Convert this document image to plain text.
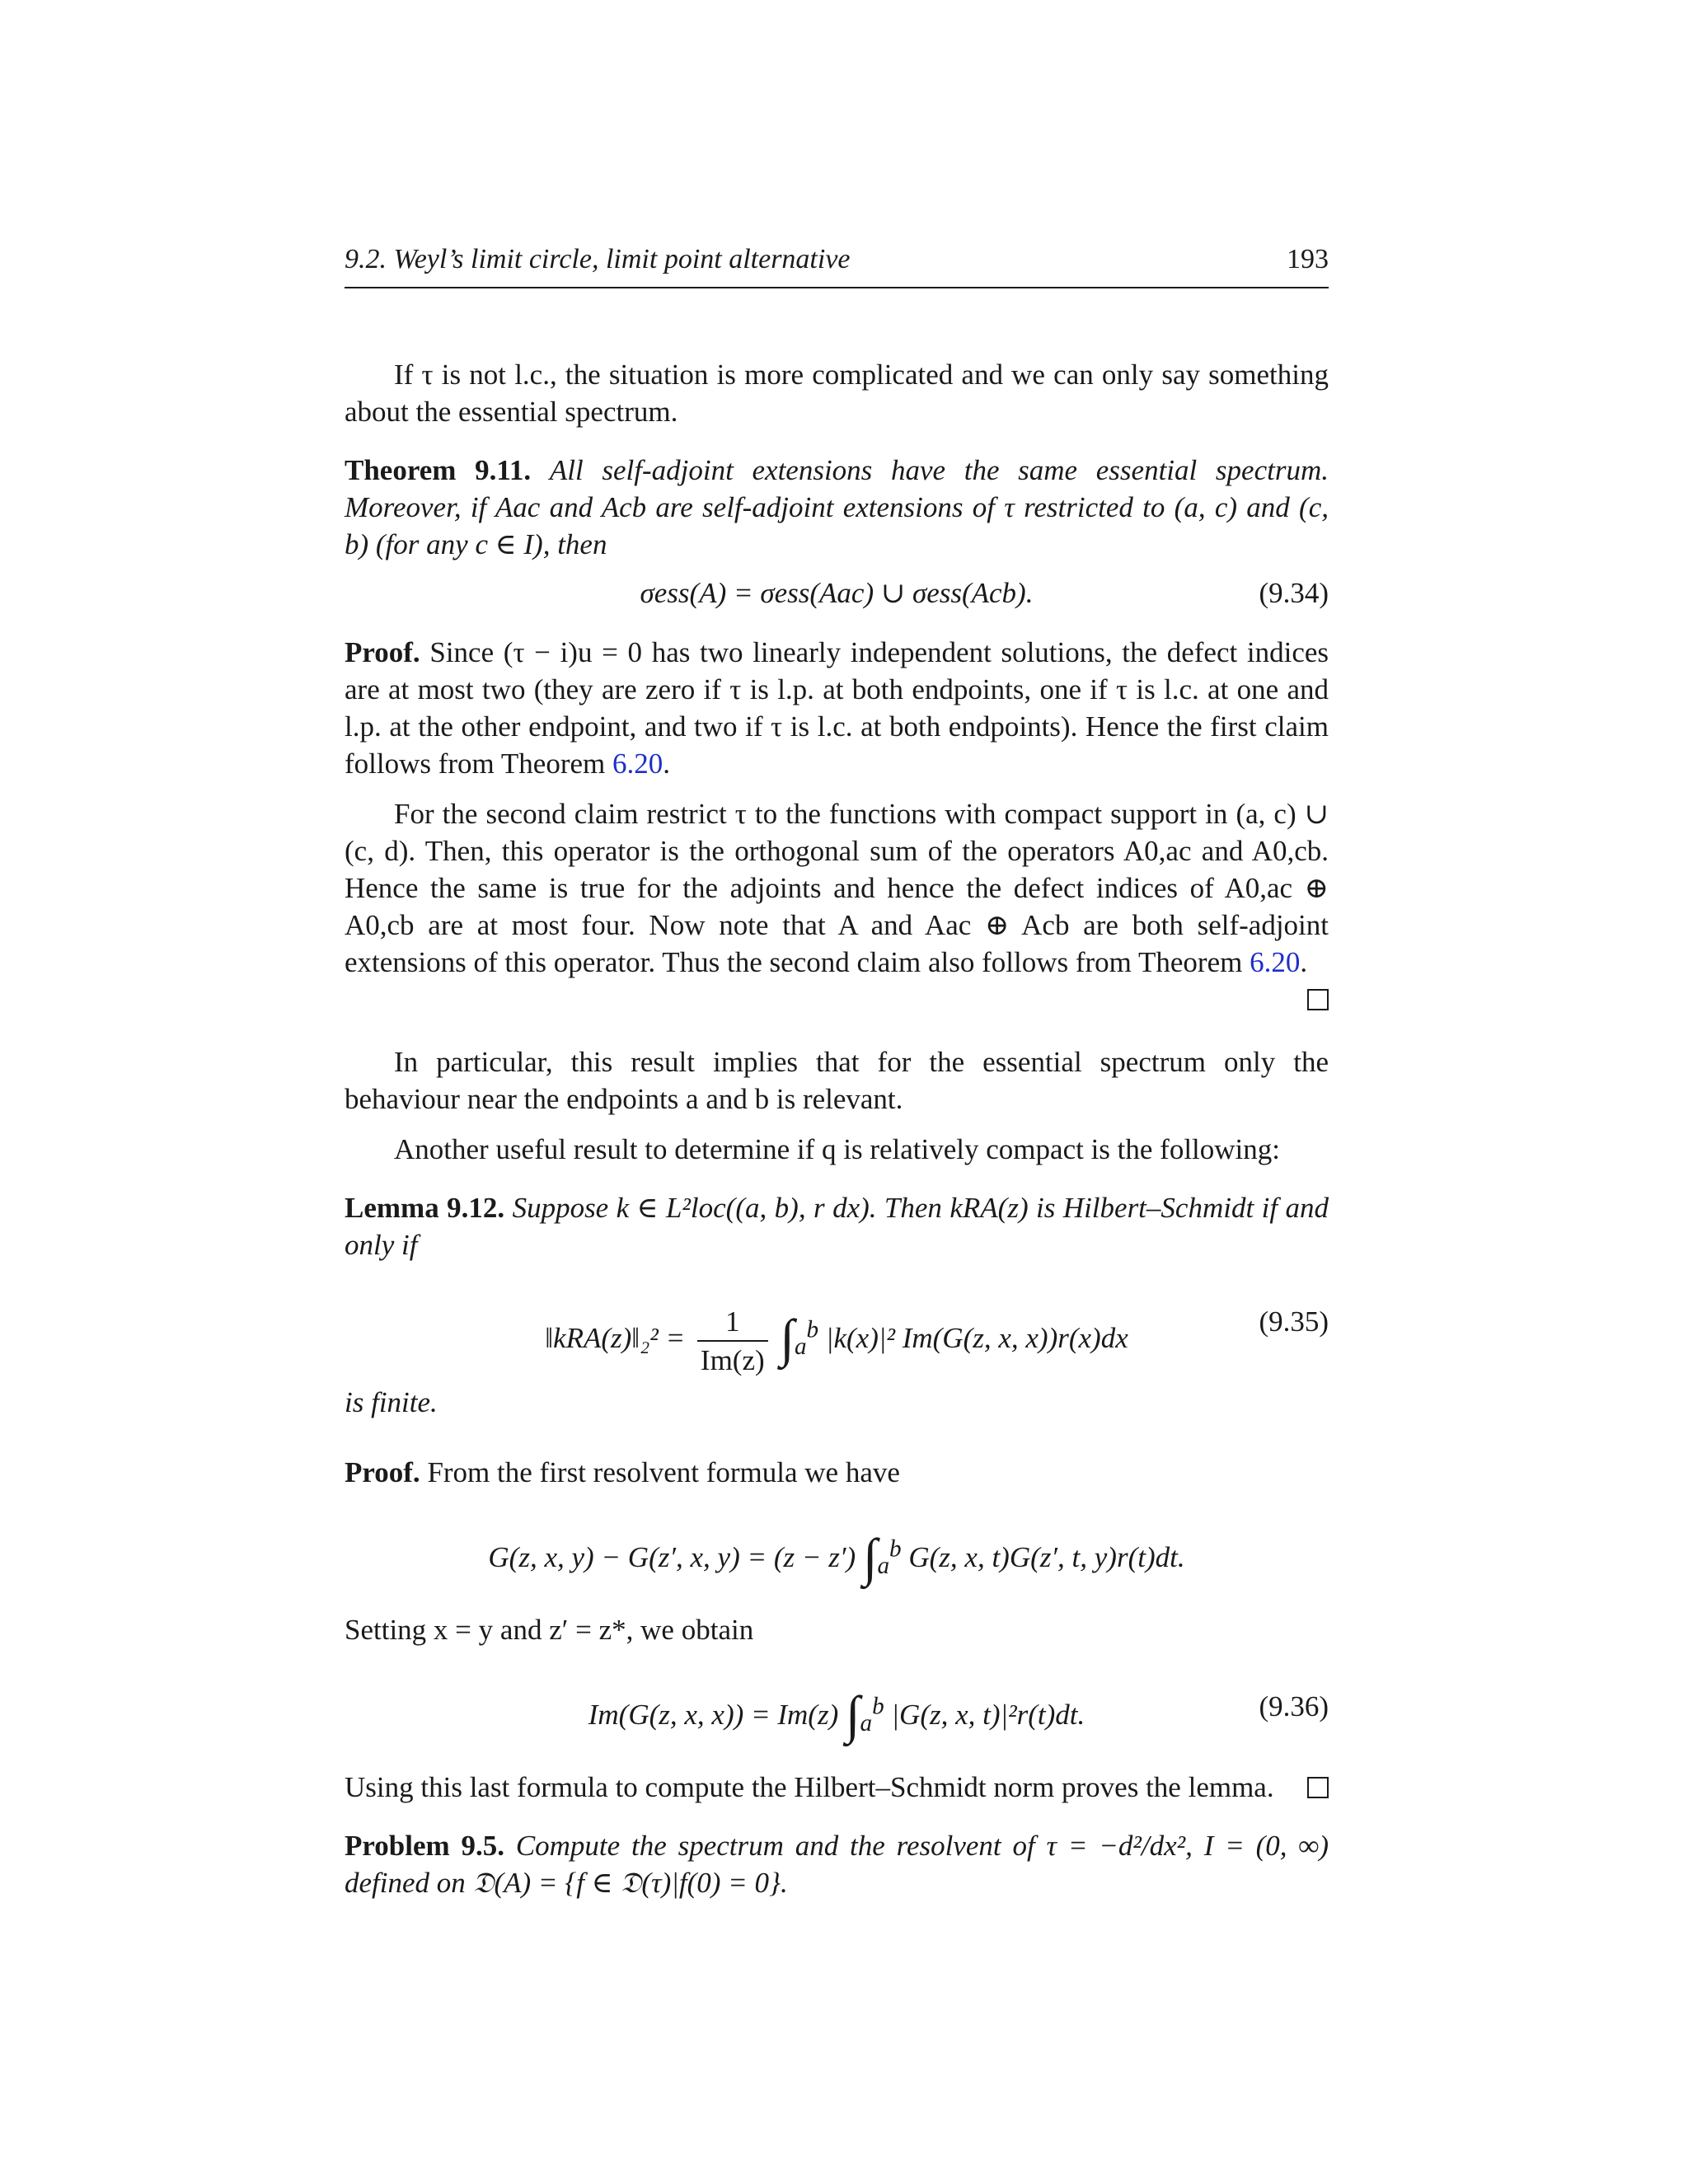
9.2. Weyl’s limit circle, limit point alternative	193

If τ is not l.c., the situation is more complicated and we can only say something about the essential spectrum.

Theorem 9.11. All self-adjoint extensions have the same essential spectrum. Moreover, if Aac and Acb are self-adjoint extensions of τ restricted to (a, c) and (c, b) (for any c ∈ I), then

σess(A) = σess(Aac) ∪ σess(Acb).	(9.34)

Proof. Since (τ − i)u = 0 has two linearly independent solutions, the defect indices are at most two (they are zero if τ is l.p. at both endpoints, one if τ is l.c. at one and l.p. at the other endpoint, and two if τ is l.c. at both endpoints). Hence the first claim follows from Theorem 6.20.

For the second claim restrict τ to the functions with compact support in (a, c) ∪ (c, d). Then, this operator is the orthogonal sum of the operators A0,ac and A0,cb. Hence the same is true for the adjoints and hence the defect indices of A0,ac ⊕ A0,cb are at most four. Now note that A and Aac ⊕ Acb are both self-adjoint extensions of this operator. Thus the second claim also follows from Theorem 6.20.

In particular, this result implies that for the essential spectrum only the behaviour near the endpoints a and b is relevant.

Another useful result to determine if q is relatively compact is the following:

Lemma 9.12. Suppose k ∈ L²loc((a, b), r dx). Then kRA(z) is Hilbert–Schmidt if and only if

‖kRA(z)‖₂² = $\frac{1}{Im(z)} \int_a^b$ |k(x)|² Im(G(z, x, x))r(x)dx
(9.35)

is finite.

Proof. From the first resolvent formula we have

G(z, x, y) − G(z′, x, y) = (z − z′) $\int_a^b$ G(z, x, t)G(z′, t, y)r(t)dt.

Setting x = y and z′ = z*, we obtain

Im(G(z, x, x)) = Im(z) $\int_a^b$ |G(z, x, t)|²r(t)dt.	(9.36)

Using this last formula to compute the Hilbert–Schmidt norm proves the lemma.

Problem 9.5. Compute the spectrum and the resolvent of τ = −d²/dx², I = (0, ∞) defined on 𝔇(A) = {f ∈ 𝔇(τ)|f(0) = 0}.
